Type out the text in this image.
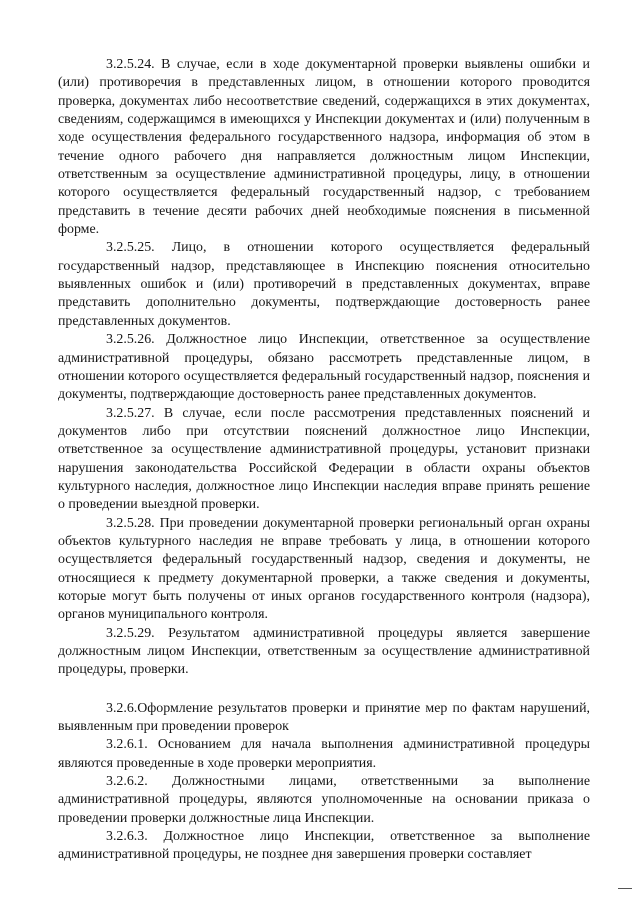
3.2.5.24. В случае, если в ходе документарной проверки выявлены ошибки и (или) противоречия в представленных лицом, в отношении которого проводится проверка, документах либо несоответствие сведений, содержащихся в этих документах, сведениям, содержащимся в имеющихся у Инспекции документах и (или) полученным в ходе осуществления федерального государственного надзора, информация об этом в течение одного рабочего дня направляется должностным лицом Инспекции, ответственным за осуществление административной процедуры, лицу, в отношении которого осуществляется федеральный государственный надзор, с требованием представить в течение десяти рабочих дней необходимые пояснения в письменной форме.

3.2.5.25. Лицо, в отношении которого осуществляется федеральный государственный надзор, представляющее в Инспекцию пояснения относительно выявленных ошибок и (или) противоречий в представленных документах, вправе представить дополнительно документы, подтверждающие достоверность ранее представленных документов.

3.2.5.26. Должностное лицо Инспекции, ответственное за осуществление административной процедуры, обязано рассмотреть представленные лицом, в отношении которого осуществляется федеральный государственный надзор, пояснения и документы, подтверждающие достоверность ранее представленных документов.

3.2.5.27. В случае, если после рассмотрения представленных пояснений и документов либо при отсутствии пояснений должностное лицо Инспекции, ответственное за осуществление административной процедуры, установит признаки нарушения законодательства Российской Федерации в области охраны объектов культурного наследия, должностное лицо Инспекции наследия вправе принять решение о проведении выездной проверки.

3.2.5.28. При проведении документарной проверки региональный орган охраны объектов культурного наследия не вправе требовать у лица, в отношении которого осуществляется федеральный государственный надзор, сведения и документы, не относящиеся к предмету документарной проверки, а также сведения и документы, которые могут быть получены от иных органов государственного контроля (надзора), органов муниципального контроля.

3.2.5.29. Результатом административной процедуры является завершение должностным лицом Инспекции, ответственным за осуществление административной процедуры, проверки.

3.2.6.Оформление результатов проверки и принятие мер по фактам нарушений, выявленным при проведении проверок

3.2.6.1. Основанием для начала выполнения административной процедуры являются проведенные в ходе проверки мероприятия.

3.2.6.2. Должностными лицами, ответственными за выполнение административной процедуры, являются уполномоченные на основании приказа о проведении проверки должностные лица Инспекции.

3.2.6.3. Должностное лицо Инспекции, ответственное за выполнение административной процедуры, не позднее дня завершения проверки составляет
